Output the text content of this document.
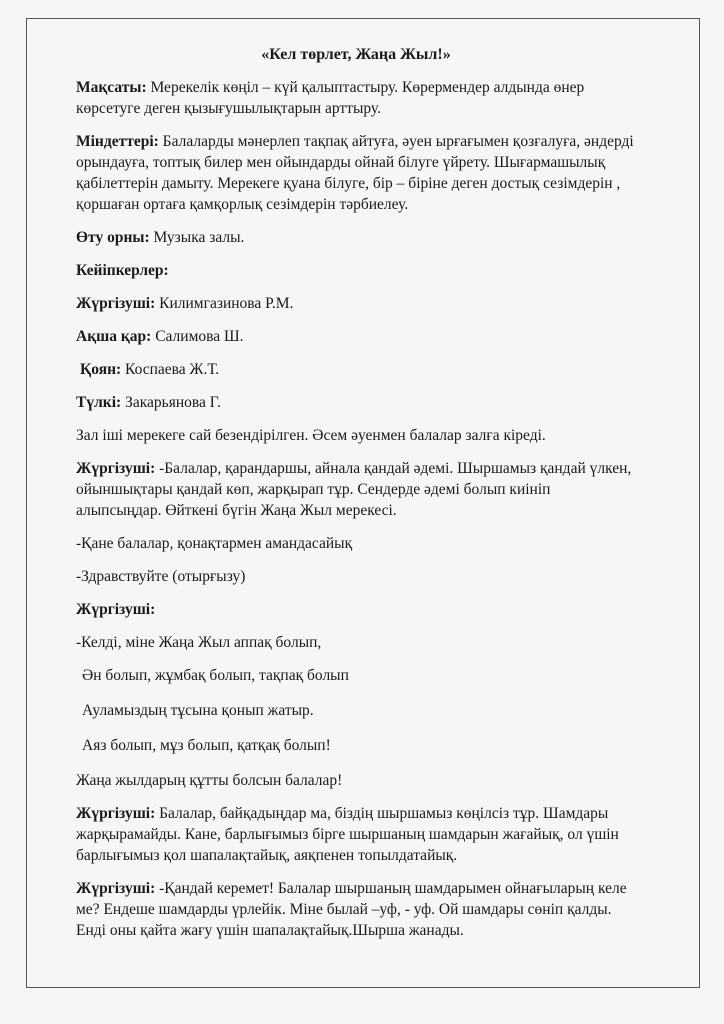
«Кел төрлет, Жаңа Жыл!»
Мақсаты: Мерекелік көңіл – күй қалыптастыру. Көрермендер алдында өнер көрсетуге деген қызығушылықтарын арттыру.
Міндеттері: Балаларды мәнерлеп тақпақ айтуға, әуен ырғағымен қозғалуға, әндерді орындауға, топтық билер мен ойындарды ойнай білуге үйрету. Шығармашылық қабілеттерін дамыту. Мерекеге қуана білуге, бір – біріне деген достық сезімдерін , қоршаған ортаға қамқорлық сезімдерін тәрбиелеу.
Өту орны: Музыка залы.
Кейіпкерлер:
Жүргізуші: Килимгазинова Р.М.
Ақша қар: Салимова Ш.
Қоян: Коспаева Ж.Т.
Түлкі: Закарьянова Г.
Зал іші мерекеге сай безендірілген. Әсем әуенмен балалар залға кіреді.
Жүргізуші: -Балалар, қарандаршы, айнала қандай әдемі. Шыршамыз қандай үлкен, ойыншықтары қандай көп, жарқырап тұр. Сендерде әдемі болып киініп алыпсыңдар. Өйткені бүгін Жаңа Жыл мерекесі.
-Қане балалар, қонақтармен амандасайық
-Здравствуйте (отырғызу)
Жүргізуші:
-Келді, міне Жаңа Жыл аппақ болып,
Ән болып, жұмбақ болып, тақпақ болып
Ауламыздың тұсына қонып жатыр.
Аяз болып, мұз болып, қатқақ болып!
Жаңа жылдарың құтты болсын балалар!
Жүргізуші: Балалар, байқадыңдар ма, біздің шыршамыз көңілсіз тұр. Шамдары жарқырамайды. Кане, барлығымыз бірге шыршаның шамдарын жағайық, ол үшін барлығымыз қол шапалақтайық, аяқпенен топылдатайық.
Жүргізуші: -Қандай керемет! Балалар шыршаның шамдарымен ойнағыларың келе ме? Ендеше шамдарды үрлейік. Міне былай –уф, - уф. Ой шамдары сөніп қалды. Енді оны қайта жағу үшін шапалақтайық.Шырша жанады.
